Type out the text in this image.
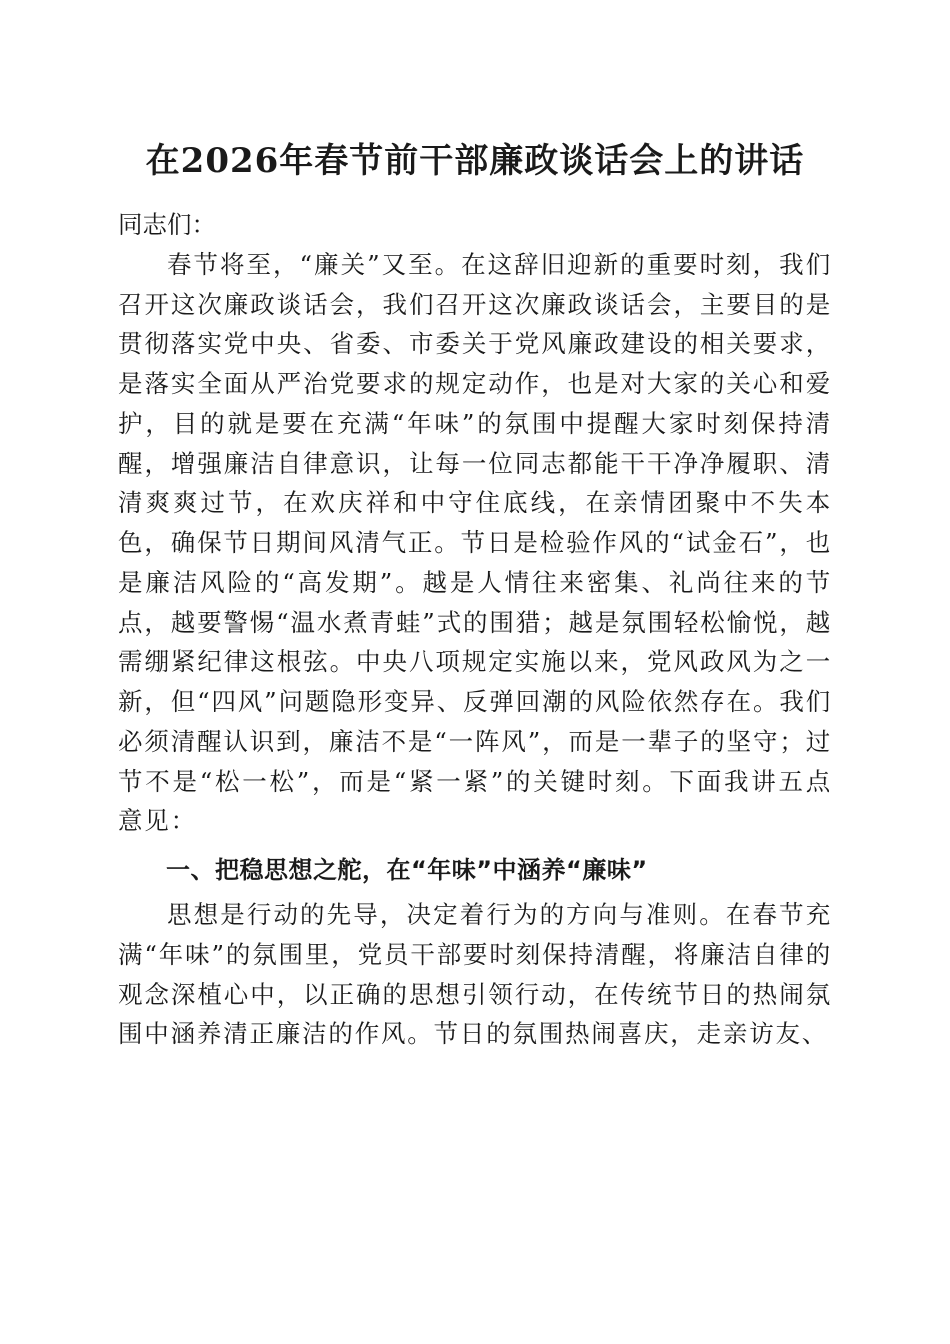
在2026年春节前干部廉政谈话会上的讲话

同志们：

春节将至，“廉关”又至。在这辞旧迎新的重要时刻，我们召开这次廉政谈话会，我们召开这次廉政谈话会，主要目的是贯彻落实党中央、省委、市委关于党风廉政建设的相关要求，是落实全面从严治党要求的规定动作，也是对大家的关心和爱护，目的就是要在充满“年味”的氛围中提醒大家时刻保持清醒，增强廉洁自律意识，让每一位同志都能干干净净履职、清清爽爽过节，在欢庆祥和中守住底线，在亲情团聚中不失本色，确保节日期间风清气正。节日是检验作风的“试金石”，也是廉洁风险的“高发期”。越是人情往来密集、礼尚往来的节点，越要警惕“温水煮青蛙”式的围猎；越是氛围轻松愉悦，越需绷紧纪律这根弦。中央八项规定实施以来，党风政风为之一新，但“四风”问题隐形变异、反弹回潮的风险依然存在。我们必须清醒认识到，廉洁不是“一阵风”，而是一辈子的坚守；过节不是“松一松”，而是“紧一紧”的关键时刻。下面我讲五点意见：

一、把稳思想之舵，在“年味”中涵养“廉味”

思想是行动的先导，决定着行为的方向与准则。在春节充满“年味”的氛围里，党员干部要时刻保持清醒，将廉洁自律的观念深植心中，以正确的思想引领行动，在传统节日的热闹氛围中涵养清正廉洁的作风。节日的氛围热闹喜庆，走亲访友、
